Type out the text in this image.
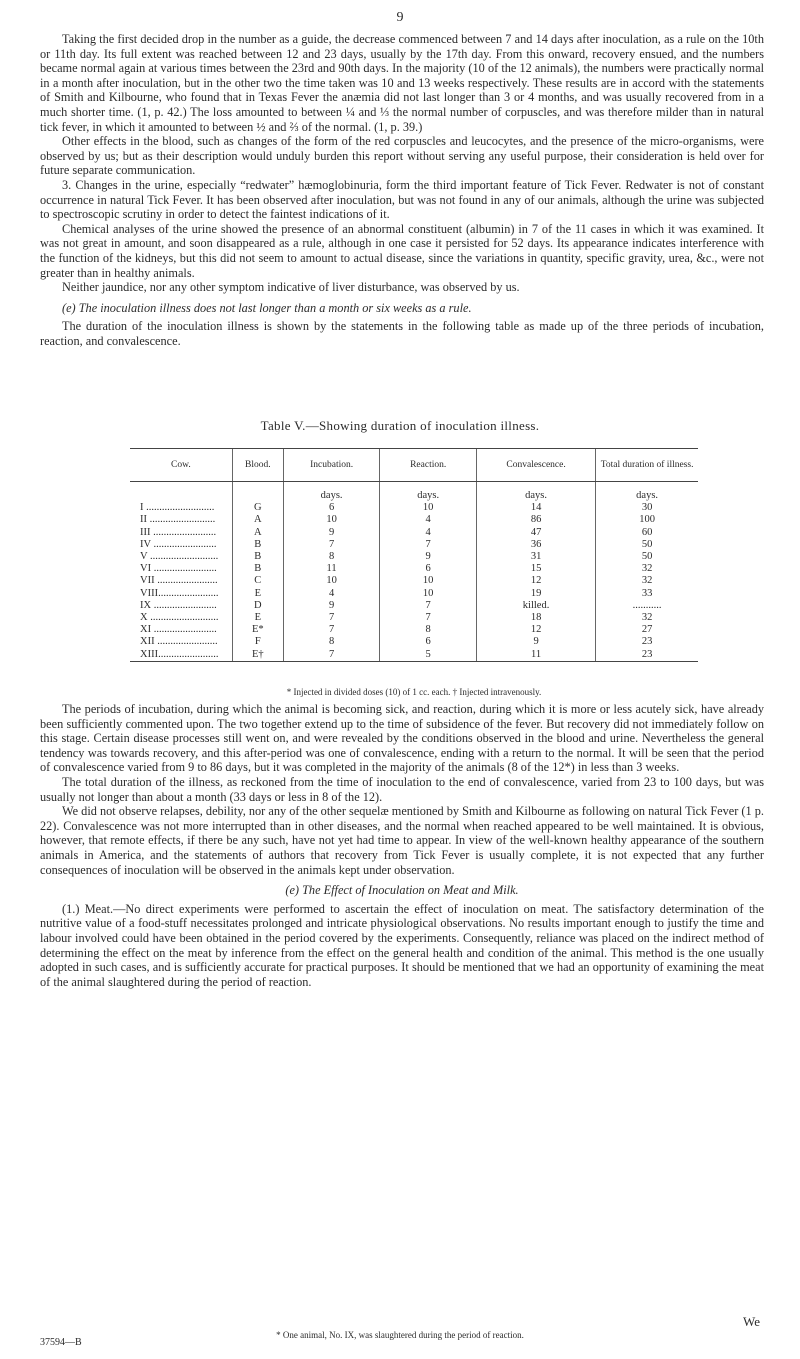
9

Taking the first decided drop in the number as a guide, the decrease commenced between 7 and 14 days after inoculation, as a rule on the 10th or 11th day. Its full extent was reached between 12 and 23 days, usually by the 17th day. From this onward, recovery ensued, and the numbers became normal again at various times between the 23rd and 90th days. In the majority (10 of the 12 animals), the numbers were practically normal in a month after inoculation, but in the other two the time taken was 10 and 13 weeks respectively. These results are in accord with the statements of Smith and Kilbourne, who found that in Texas Fever the anæmia did not last longer than 3 or 4 months, and was usually recovered from in a much shorter time. (1, p. 42.) The loss amounted to between ¼ and ⅓ the normal number of corpuscles, and was therefore milder than in natural tick fever, in which it amounted to between ½ and ⅔ of the normal. (1, p. 39.)

Other effects in the blood, such as changes of the form of the red corpuscles and leucocytes, and the presence of the micro-organisms, were observed by us; but as their description would unduly burden this report without serving any useful purpose, their consideration is held over for future separate communication.

3. Changes in the urine, especially “redwater” hæmoglobinuria, form the third important feature of Tick Fever. Redwater is not of constant occurrence in natural Tick Fever. It has been observed after inoculation, but was not found in any of our animals, although the urine was subjected to spectroscopic scrutiny in order to detect the faintest indications of it.

Chemical analyses of the urine showed the presence of an abnormal constituent (albumin) in 7 of the 11 cases in which it was examined. It was not great in amount, and soon disappeared as a rule, although in one case it persisted for 52 days. Its appearance indicates interference with the function of the kidneys, but this did not seem to amount to actual disease, since the variations in quantity, specific gravity, urea, &c., were not greater than in healthy animals.

Neither jaundice, nor any other symptom indicative of liver disturbance, was observed by us.

(e) The inoculation illness does not last longer than a month or six weeks as a rule.

The duration of the inoculation illness is shown by the statements in the following table as made up of the three periods of incubation, reaction, and convalescence.

Table V.—Showing duration of inoculation illness.
Cow.	Blood.	Incubation.	Reaction.	Convalescence.	Total duration of illness.
		days.	days.	days.	days.
I ..........................	G	6	10	14	30
II .........................	A	10	4	86	100
III ........................	A	9	4	47	60
IV ........................	B	7	7	36	50
V ..........................	B	8	9	31	50
VI ........................	B	11	6	15	32
VII .......................	C	10	10	12	32
VIII.......................	E	4	10	19	33
IX ........................	D	9	7	killed.	...........
X ..........................	E	7	7	18	32
XI ........................	E*	7	8	12	27
XII .......................	F	8	6	9	23
XIII.......................	E†	7	5	11	23
* Injected in divided doses (10) of 1 cc. each. † Injected intravenously.

The periods of incubation, during which the animal is becoming sick, and reaction, during which it is more or less acutely sick, have already been sufficiently commented upon. The two together extend up to the time of subsidence of the fever. But recovery did not immediately follow on this stage. Certain disease processes still went on, and were revealed by the conditions observed in the blood and urine. Nevertheless the general tendency was towards recovery, and this after-period was one of convalescence, ending with a return to the normal. It will be seen that the period of convalescence varied from 9 to 86 days, but it was completed in the majority of the animals (8 of the 12*) in less than 3 weeks.

The total duration of the illness, as reckoned from the time of inoculation to the end of convalescence, varied from 23 to 100 days, but was usually not longer than about a month (33 days or less in 8 of the 12).

We did not observe relapses, debility, nor any of the other sequelæ mentioned by Smith and Kilbourne as following on natural Tick Fever (1 p. 22). Convalescence was not more interrupted than in other diseases, and the normal when reached appeared to be well maintained. It is obvious, however, that remote effects, if there be any such, have not yet had time to appear. In view of the well-known healthy appearance of the southern animals in America, and the statements of authors that recovery from Tick Fever is usually complete, it is not expected that any further consequences of inoculation will be observed in the animals kept under observation.

(e) The Effect of Inoculation on Meat and Milk.

(1.) Meat.—No direct experiments were performed to ascertain the effect of inoculation on meat. The satisfactory determination of the nutritive value of a food-stuff necessitates prolonged and intricate physiological observations. No results important enough to justify the time and labour involved could have been obtained in the period covered by the experiments. Consequently, reliance was placed on the indirect method of determining the effect on the meat by inference from the effect on the general health and condition of the animal. This method is the one usually adopted in such cases, and is sufficiently accurate for practical purposes. It should be mentioned that we had an opportunity of examining the meat of the animal slaughtered during the period of reaction.

We
* One animal, No. IX, was slaughtered during the period of reaction.
37594—B
